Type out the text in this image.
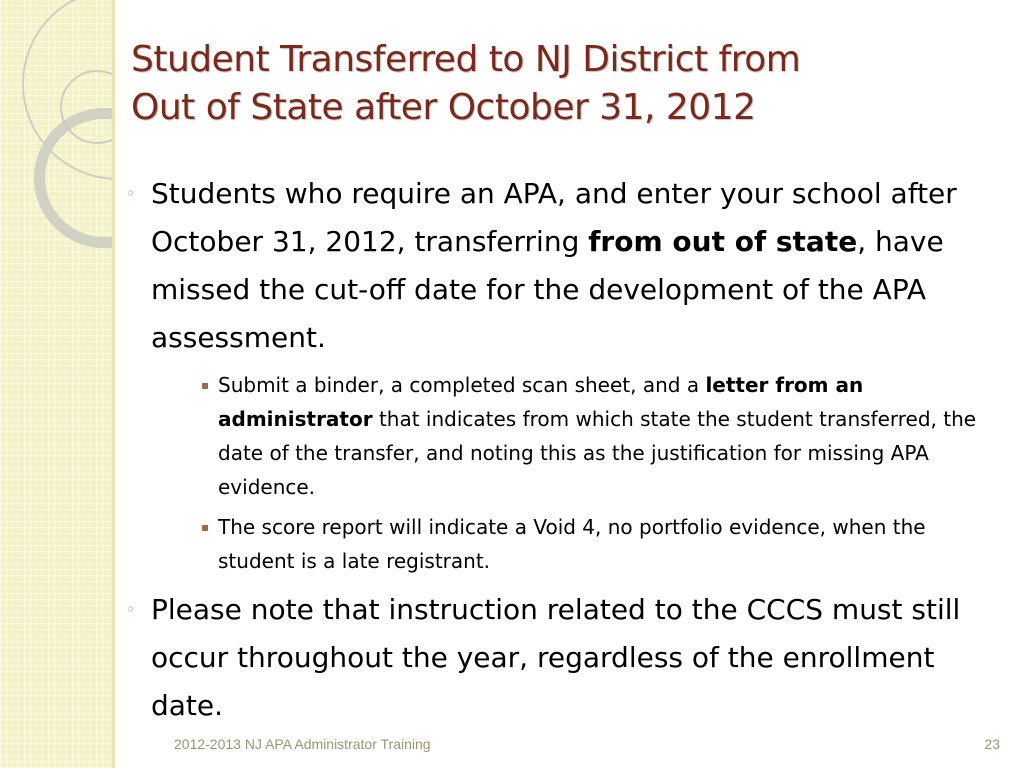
Student Transferred to NJ District from
Out of State after October 31, 2012
◦ Students who require an APA, and enter your school after October 31, 2012, transferring from out of state, have missed the cut-off date for the development of the APA assessment.
▪ Submit a binder, a completed scan sheet, and a letter from an administrator that indicates from which state the student transferred, the date of the transfer, and noting this as the justification for missing APA evidence.
▪ The score report will indicate a Void 4, no portfolio evidence, when the student is a late registrant.
◦ Please note that instruction related to the CCCS must still occur throughout the year, regardless of the enrollment date.
2012-2013 NJ APA Administrator Training	23
